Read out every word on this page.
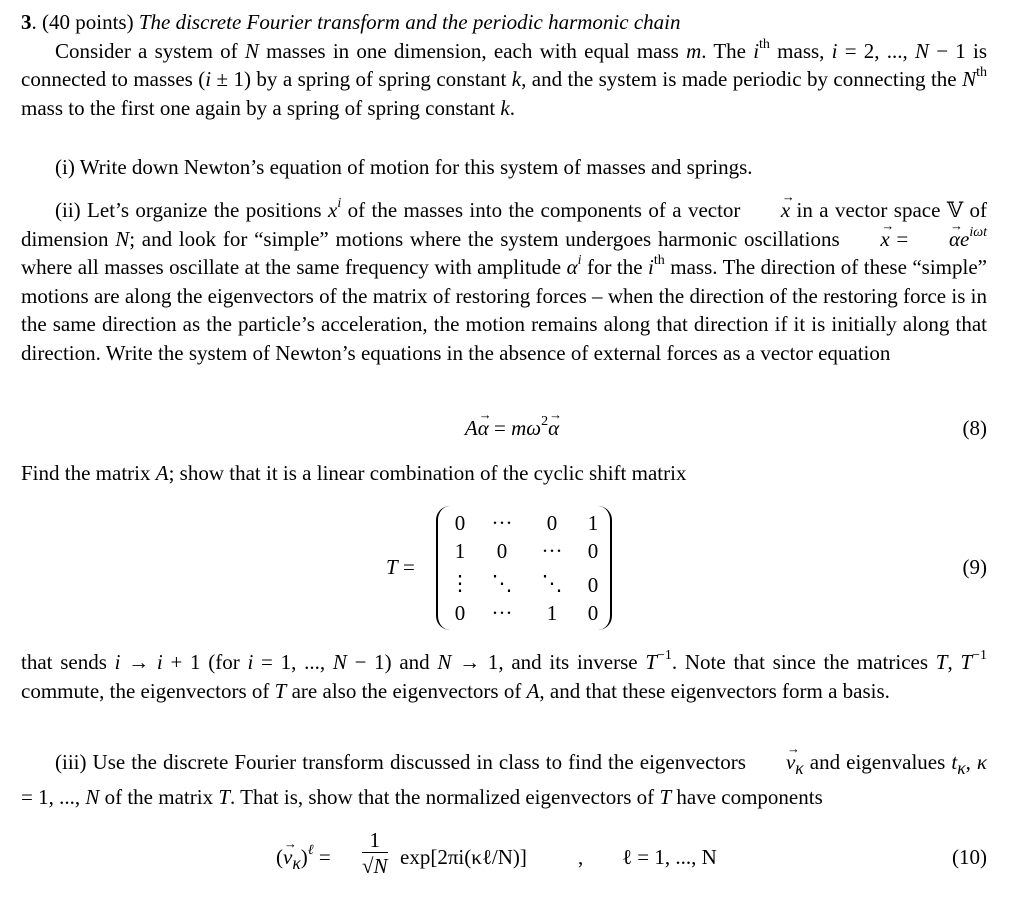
3. (40 points) The discrete Fourier transform and the periodic harmonic chain
Consider a system of N masses in one dimension, each with equal mass m. The $i^{th}$ mass, i = 2, ..., N − 1 is connected to masses (i ± 1) by a spring of spring constant k, and the system is made periodic by connecting the $N^{th}$ mass to the first one again by a spring of spring constant k.

(i) Write down Newton’s equation of motion for this system of masses and springs.

(ii) Let’s organize the positions $x^i$ of the masses into the components of a vector → x in a vector space 𝕍 of dimension N; and look for “simple” motions where the system undergoes harmonic oscillations → x = → $\alpha e^{i\omega t}$ where all masses oscillate at the same frequency with amplitude $\alpha^i$ for the $i^{th}$ mass. The direction of these “simple” motions are along the eigenvectors of the matrix of restoring forces – when the direction of the restoring force is in the same direction as the particle’s acceleration, the motion remains along that direction if it is initially along that direction. Write the system of Newton’s equations in the absence of external forces as a vector equation

$A\to \alpha = m\omega^2\to \alpha$	(8)

Find the matrix A; show that it is a linear combination of the cyclic shift matrix

T =
0	···	0	1
1	0	···	0
⋮	⋱	⋱	0
0	···	1	0
(9)

that sends i → i + 1 (for i = 1, ..., N − 1) and N → 1, and its inverse $T^{-1}$. Note that since the matrices T, $T^{-1}$ commute, the eigenvectors of T are also the eigenvectors of A, and that these eigenvectors form a basis.

(iii) Use the discrete Fourier transform discussed in class to find the eigenvectors → $v_\kappa$ and eigenvalues $t_\kappa$, κ = 1, ..., N of the matrix T. That is, show that the normalized eigenvectors of T have components

(→ $v_\kappa)^\ell = \frac{1}{√N}$ exp[2πi(κℓ/N)] , ℓ = 1, ..., N	(10)
